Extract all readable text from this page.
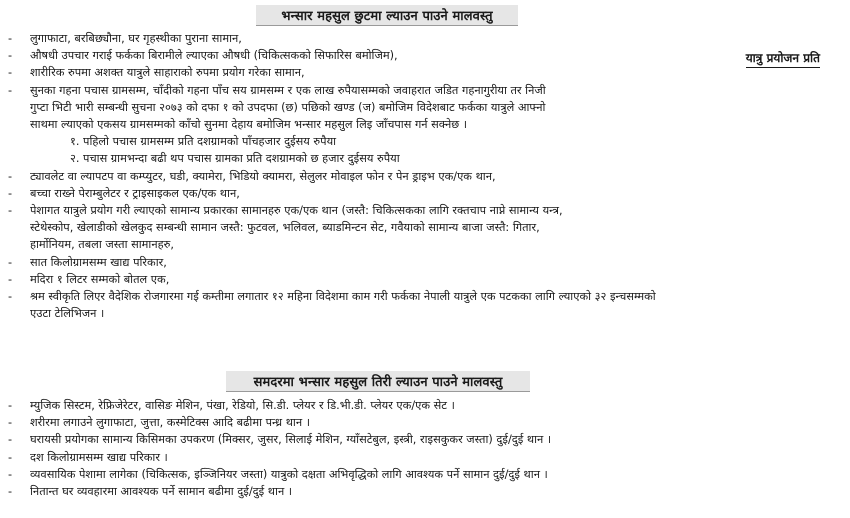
भन्सार महसुल छुटमा ल्याउन पाउने मालवस्तु
यात्रु प्रयोजन प्रति
-	लुगाफाटा, बरबिछ्यौना, घर गृहस्थीका पुराना सामान,
-	औषधी उपचार गराई फर्कका बिरामीले ल्याएका औषधी (चिकित्सकको सिफारिस बमोजिम),
-	शारीरिक रुपमा अशक्त यात्रुले साहाराको रुपमा प्रयोग गरेका सामान,
-	सुनका गहना पचास ग्रामसम्म, चाँदीको गहना पाँच सय ग्रामसम्म र एक लाख रुपैयासम्मको जवाहरात जडित गहनागुरीया तर निजी
गुप्टा भिटी भारी सम्बन्धी सुचना २०७३ को दफा १ को उपदफा (छ) पछिको खण्ड (ज) बमोजिम विदेशबाट फर्कका यात्रुले आफ्नो
साथमा ल्याएको एकसय ग्रामसम्मको काँचो सुनमा देहाय बमोजिम भन्सार महसुल लिइ जाँचपास गर्न सक्नेछ ।
१. पहिलो पचास ग्रामसम्म प्रति दशग्रामको पाँचहजार दुईसय रुपैया
२. पचास ग्रामभन्दा बढी थप पचास ग्रामका प्रति दशग्रामको छ हजार दुईसय रुपैया
-	ट्यावलेट वा ल्यापटप वा कम्प्युटर, घडी, क्यामेरा, भिडियो क्यामरा, सेलुलर मोवाइल फोन र पेन ड्राइभ एक/एक थान,
-	बच्चा राख्ने पेराम्बुलेटर र ट्राइसाइकल एक/एक थान,
-	पेशागत यात्रुले प्रयोग गरी ल्याएको सामान्य प्रकारका सामानहरु एक/एक थान (जस्तै: चिकित्सकका लागि रक्तचाप नाप्ने सामान्य यन्त्र,
स्टेथेस्कोप, खेलाडीको खेलकुद सम्बन्धी सामान जस्तै: फुटवल, भलिवल, ब्याडमिन्टन सेट, गवैयाको सामान्य बाजा जस्तै: गितार,
हार्मोनियम, तबला जस्ता सामानहरु,
-	सात किलोग्रामसम्म खाद्य परिकार,
-	मदिरा १ लिटर सम्मको बोतल एक,
-	श्रम स्वीकृति लिएर वैदेशिक रोजगारमा गई कम्तीमा लगातार १२ महिना विदेशमा काम गरी फर्कका नेपाली यात्रुले एक पटकका लागि ल्याएको ३२ इन्चसम्मको
एउटा टेलिभिजन ।
समदरमा भन्सार महसुल तिरी ल्याउन पाउने मालवस्तु
-	म्युजिक सिस्टम, रेफ्रिजेरेटर, वासिङ मेशिन, पंखा, रेडियो, सि.डी. प्लेयर र डि.भी.डी. प्लेयर एक/एक सेट ।
-	शरीरमा लगाउने लुगाफाटा, जुत्ता, कस्मेटिक्स आदि बढीमा पन्ध्र थान ।
-	घरायसी प्रयोगका सामान्य किसिमका उपकरण (मिक्सर, जुसर, सिलाई मेशिन, ग्याँसटेबुल, इस्त्री, राइसकुकर जस्ता) दुई/दुई थान ।
-	दश किलोग्रामसम्म खाद्य परिकार ।
-	व्यवसायिक पेशामा लागेका (चिकित्सक, इञ्जिनियर जस्ता) यात्रुको दक्षता अभिवृद्धिको लागि आवश्यक पर्ने सामान दुई/दुई थान ।
-	नितान्त घर व्यवहारमा आवश्यक पर्ने सामान बढीमा दुई/दुई थान ।
